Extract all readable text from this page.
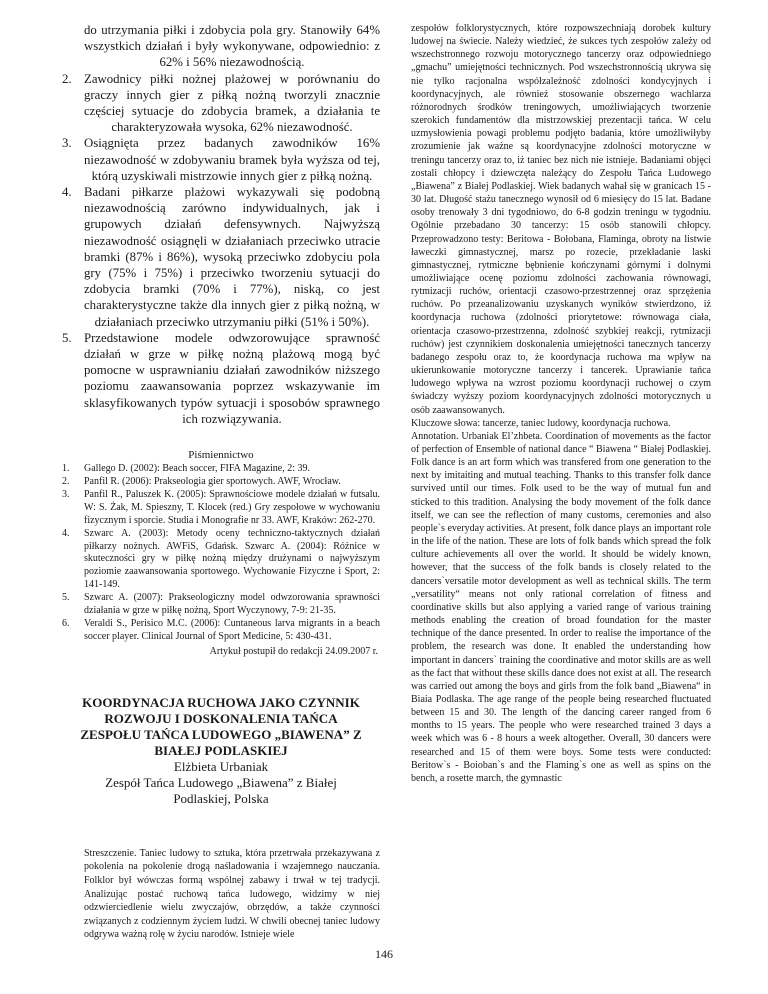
do utrzymania piłki i zdobycia pola gry. Stanowiły 64% wszystkich działań i były wykonywane, odpowiednio: z 62% i 56% niezawodnością.
2. Zawodnicy piłki nożnej plażowej w porównaniu do graczy innych gier z piłką nożną tworzyli znacznie częściej sytuacje do zdobycia bramek, a działania te charakteryzowała wysoka, 62% niezawodność.
3. Osiągnięta przez badanych zawodników 16% niezawodność w zdobywaniu bramek była wyższa od tej, którą uzyskiwali mistrzowie innych gier z piłką nożną.
4. Badani piłkarze plażowi wykazywali się podobną niezawodnością zarówno indywidualnych, jak i grupowych działań defensywnych. Najwyższą niezawodność osiągnęli w działaniach przeciwko utracie bramki (87% i 86%), wysoką przeciwko zdobyciu pola gry (75% i 75%) i przeciwko tworzeniu sytuacji do zdobycia bramki (70% i 77%), niską, co jest charakterystyczne także dla innych gier z piłką nożną, w działaniach przeciwko utrzymaniu piłki (51% i 50%).
5. Przedstawione modele odwzorowujące sprawność działań w grze w piłkę nożną plażową mogą być pomocne w usprawnianiu działań zawodników niższego poziomu zaawansowania poprzez wskazywanie im sklasyfikowanych typów sytuacji i sposobów sprawnego ich rozwiązywania.
Piśmiennictwo
1. Gallego D. (2002): Beach soccer, FIFA Magazine, 2: 39.
2. Panfil R. (2006): Prakseologia gier sportowych. AWF, Wrocław.
3. Panfil R., Paluszek K. (2005): Sprawnościowe modele działań w futsalu. W: S. Żak, M. Spieszny, T. Klocek (red.) Gry zespołowe w wychowaniu fizycznym i sporcie. Studia i Monografie nr 33. AWF, Kraków: 262-270.
4. Szwarc A. (2003): Metody oceny techniczno-taktycznych działań piłkarzy nożnych. AWFiS, Gdańsk. Szwarc A. (2004): Różnice w skuteczności gry w piłkę nożną między drużynami o najwyższym poziomie zaawansowania sportowego. Wychowanie Fizyczne i Sport, 2: 141-149.
5. Szwarc A. (2007): Prakseologiczny model odwzorowania sprawności działania w grze w piłkę nożną, Sport Wyczynowy, 7-9: 21-35.
6. Veraldi S., Perisico M.C. (2006): Cuntaneous larva migrants in a beach soccer player. Clinical Journal of Sport Medicine, 5: 430-431.
Artykuł postupił do redakcji 24.09.2007 r.
KOORDYNACJA RUCHOWA JAKO CZYNNIK
ROZWOJU I DOSKONALENIA TAŃCA
ZESPOŁU TAŃCA LUDOWEGO „BIAWENA” Z
BIAŁEJ PODLASKIEJ
Elżbieta Urbaniak
Zespół Tańca Ludowego „Biawena” z Białej
Podlaskiej, Polska
Streszczenie. Taniec ludowy to sztuka, która przetrwała przekazywana z pokolenia na pokolenie drogą naśladowania i wzajemnego nauczania. Folklor był wówczas formą wspólnej zabawy i trwał w tej tradycji. Analizując postać ruchową tańca ludowego, widzimy w niej odzwierciedlenie wielu zwyczajów, obrzędów, a także czynności związanych z codziennym życiem ludzi. W chwili obecnej taniec ludowy odgrywa ważną rolę w życiu narodów. Istnieje wiele

zespołów folklorystycznych, które rozpowszechniają dorobek kultury ludowej na świecie. Należy wiedzieć, że sukces tych zespołów zależy od wszechstronnego rozwoju motorycznego tancerzy oraz odpowiedniego „gmachu” umiejętności technicznych. Pod wszechstronnością ukrywa się nie tylko racjonalna współzależność zdolności kondycyjnych i koordynacyjnych, ale również stosowanie obszernego wachlarza różnorodnych środków treningowych, umożliwiających tworzenie szerokich fundamentów dla mistrzowskiej prezentacji tańca. W celu uzmysłowienia powagi problemu podjęto badania, które umożliwiłyby zrozumienie jak ważne są koordynacyjne zdolności motoryczne w treningu tancerzy oraz to, iż taniec bez nich nie istnieje. Badaniami objęci zostali chłopcy i dziewczęta należący do Zespołu Tańca Ludowego „Biawena” z Białej Podlaskiej. Wiek badanych wahał się w granicach 15 - 30 lat. Długość stażu tanecznego wynosił od 6 miesięcy do 15 lat. Badane osoby trenowały 3 dni tygodniowo, do 6-8 godzin treningu w tygodniu. Ogólnie przebadano 30 tancerzy: 15 osób stanowili chłopcy. Przeprowadzono testy: Beritowa - Bołobana, Flaminga, obroty na listwie ławeczki gimnastycznej, marsz po rozecie, przekładanie laski gimnastycznej, rytmiczne bębnienie kończynami górnymi i dolnymi umożliwiające ocenę poziomu zdolności zachowania równowagi, rytmizacji ruchów, orientacji czasowo-przestrzennej oraz sprzężenia ruchów. Po przeanalizowaniu uzyskanych wyników stwierdzono, iż koordynacja ruchowa (zdolności priorytetowe: równowaga ciała, orientacja czasowo-przestrzenna, zdolność szybkiej reakcji, rytmizacji ruchów) jest czynnikiem doskonalenia umiejętności tanecznych tancerzy badanego zespołu oraz to, że koordynacja ruchowa ma wpływ na ukierunkowanie motoryczne tancerzy i tancerek. Uprawianie tańca ludowego wpływa na wzrost poziomu koordynacji ruchowej o czym świadczy wyższy poziom koordynacyjnych zdolności motorycznych u osób zaawansowanych.

Kluczowe słowa: tancerze, taniec ludowy, koordynacja ruchowa.

Annotation. Urbaniak El’zhbeta. Coordination of movements as the factor of perfection of Ensemble of national dance “ Biawena “ Białej Podlaskiej. Folk dance is an art form which was transfered from one generation to the next by imitaiting and mutual teaching. Thanks to this transfer folk dance survived until our times. Folk used to be the way of mutual fun and sticked to this tradition. Analysing the body movement of the folk dance itself, we can see the reflection of many customs, ceremonies and also people`s everyday activities. At present, folk dance plays an important role in the life of the nation. These are lots of folk bands which spread the folk culture achievements all over the world. It should be widely known, however, that the success of the folk bands is closely related to the dancers`versatile motor development as well as technical skills. The term „versatility“ means not only rational correlation of fitness and coordinative skills but also applying a varied range of various training methods enabling the creation of broad foundation for the master technique of the dance presented. In order to realise the importance of the problem, the research was done. It enabled the understanding how important in dancers` training the coordinative and motor skills are as well as the fact that without these skills dance does not exist at all. The research was carried out among the boys and girls from the folk band „Biawena“ in Biaia Podlaska. The age range of the people being researched fluctuated between 15 and 30. The length of the dancing career ranged from 6 months to 15 years. The people who were researched trained 3 days a week which was 6 - 8 hours a week altogether. Overall, 30 dancers were researched and 15 of them were boys. Some tests were conducted: Beritow`s - Boioban`s and the Flaming`s one as well as spins on the bench, a rosette march, the gymnastic

146
